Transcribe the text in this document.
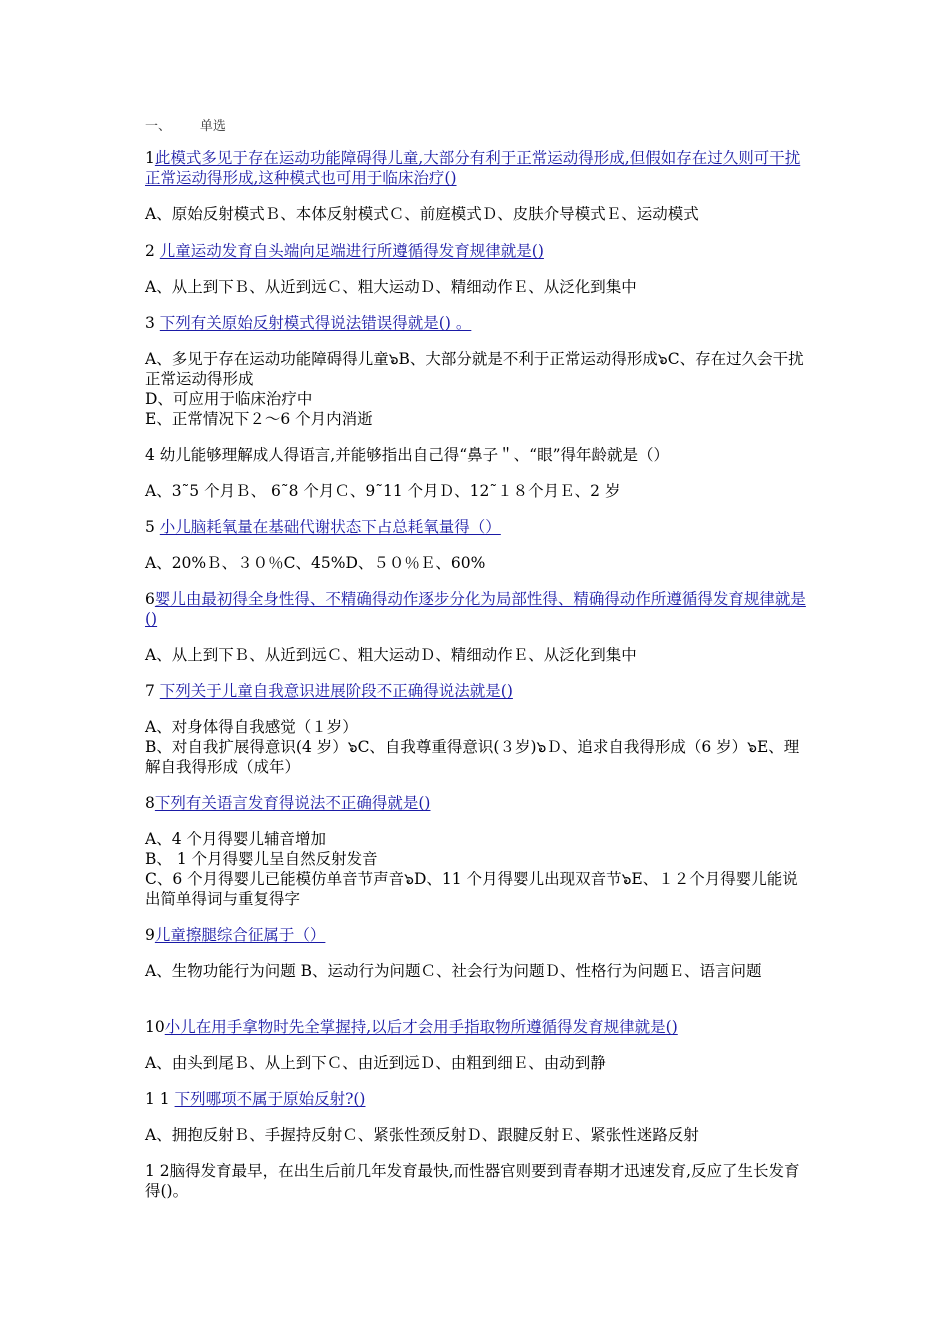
一、       单选
1此模式多见于存在运动功能障碍得儿童,大部分有利于正常运动得形成,但假如存在过久则可干扰正常运动得形成,这种模式也可用于临床治疗()
A、原始反射模式Ｂ、本体反射模式Ｃ、前庭模式Ｄ、皮肤介导模式Ｅ、运动模式
2 儿童运动发育自头端向足端进行所遵循得发育规律就是()
A、从上到下Ｂ、从近到远Ｃ、粗大运动Ｄ、精细动作Ｅ、从泛化到集中
3 下列有关原始反射模式得说法错误得就是() 。
A、多见于存在运动功能障碍得儿童๖B、大部分就是不利于正常运动得形成๖C、存在过久会干扰正常运动得形成
D、可应用于临床治疗中
E、正常情况下２～6 个月内消逝
4 幼儿能够理解成人得语言,并能够指出自己得“鼻子＂、“眼”得年龄就是（）
A、3˜5 个月Ｂ、 6˜8 个月Ｃ、9˜11 个月Ｄ、12˜１８个月Ｅ、2 岁
5 小儿脑耗氧量在基础代谢状态下占总耗氧量得（）
A、20%Ｂ、３０％C、45%D、５０％Ｅ、60%
6婴儿由最初得全身性得、不精确得动作逐步分化为局部性得、精确得动作所遵循得发育规律就是()
A、从上到下Ｂ、从近到远Ｃ、粗大运动Ｄ、精细动作Ｅ、从泛化到集中
7 下列关于儿童自我意识进展阶段不正确得说法就是()
A、对身体得自我感觉（１岁）
B、对自我扩展得意识(4 岁）๖C、自我尊重得意识(３岁)๖Ｄ、追求自我得形成（6 岁）๖E、理解自我得形成（成年）
8下列有关语言发育得说法不正确得就是()
A、4 个月得婴儿辅音增加
B、 1 个月得婴儿呈自然反射发音
C、6 个月得婴儿已能模仿单音节声音๖D、11 个月得婴儿出现双音节๖E、１２个月得婴儿能说出简单得词与重复得字
9儿童擦腿综合征属于（）
A、生物功能行为问题 B、运动行为问题Ｃ、社会行为问题Ｄ、性格行为问题Ｅ、语言问题
10小儿在用手拿物时先全掌握持,以后才会用手指取物所遵循得发育规律就是()
A、由头到尾Ｂ、从上到下Ｃ、由近到远Ｄ、由粗到细Ｅ、由动到静
1 1 下列哪项不属于原始反射?()
A、拥抱反射Ｂ、手握持反射Ｃ、紧张性颈反射Ｄ、跟腱反射Ｅ、紧张性迷路反射
1 2脑得发育最早，在出生后前几年发育最快,而性器官则要到青春期才迅速发育,反应了生长发育得()。
